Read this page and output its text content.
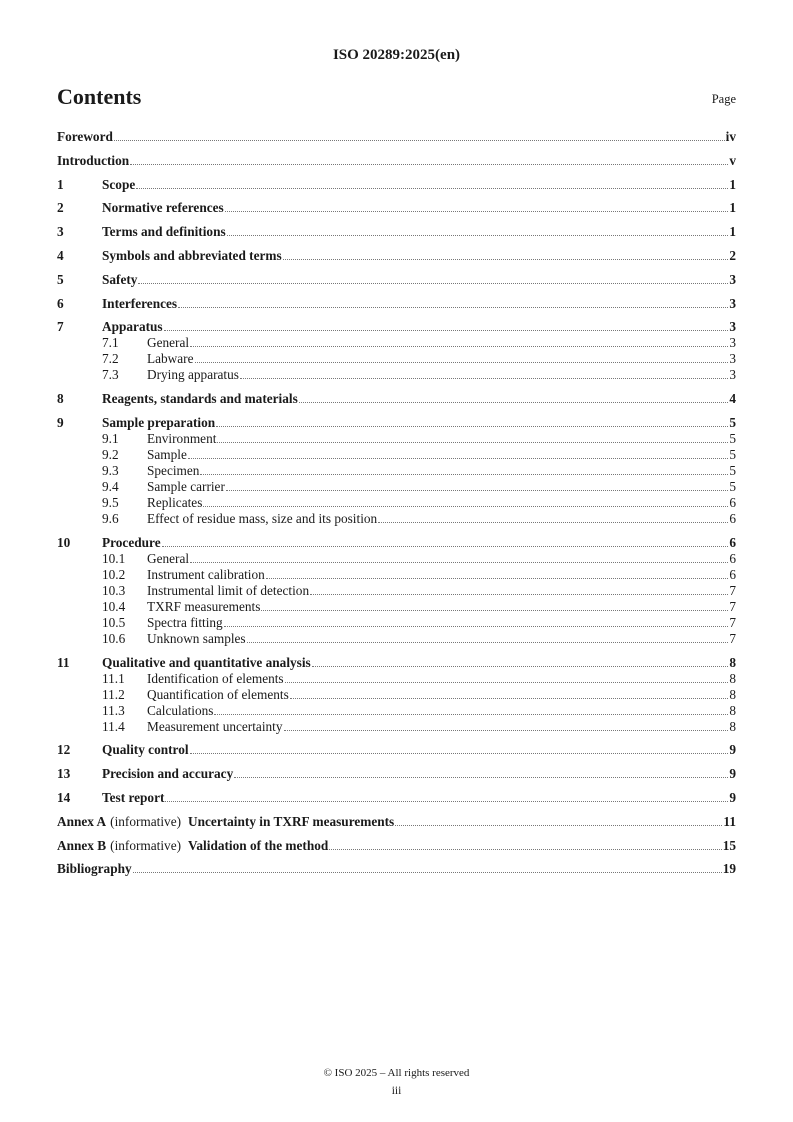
ISO 20289:2025(en)
Contents	Page
Foreword	iv
Introduction	v
1	Scope	1
2	Normative references	1
3	Terms and definitions	1
4	Symbols and abbreviated terms	2
5	Safety	3
6	Interferences	3
7	Apparatus	3
7.1	General	3
7.2	Labware	3
7.3	Drying apparatus	3
8	Reagents, standards and materials	4
9	Sample preparation	5
9.1	Environment	5
9.2	Sample	5
9.3	Specimen	5
9.4	Sample carrier	5
9.5	Replicates	6
9.6	Effect of residue mass, size and its position	6
10	Procedure	6
10.1	General	6
10.2	Instrument calibration	6
10.3	Instrumental limit of detection	7
10.4	TXRF measurements	7
10.5	Spectra fitting	7
10.6	Unknown samples	7
11	Qualitative and quantitative analysis	8
11.1	Identification of elements	8
11.2	Quantification of elements	8
11.3	Calculations	8
11.4	Measurement uncertainty	8
12	Quality control	9
13	Precision and accuracy	9
14	Test report	9
Annex A (informative) Uncertainty in TXRF measurements	11
Annex B (informative) Validation of the method	15
Bibliography	19
© ISO 2025 – All rights reserved
iii
